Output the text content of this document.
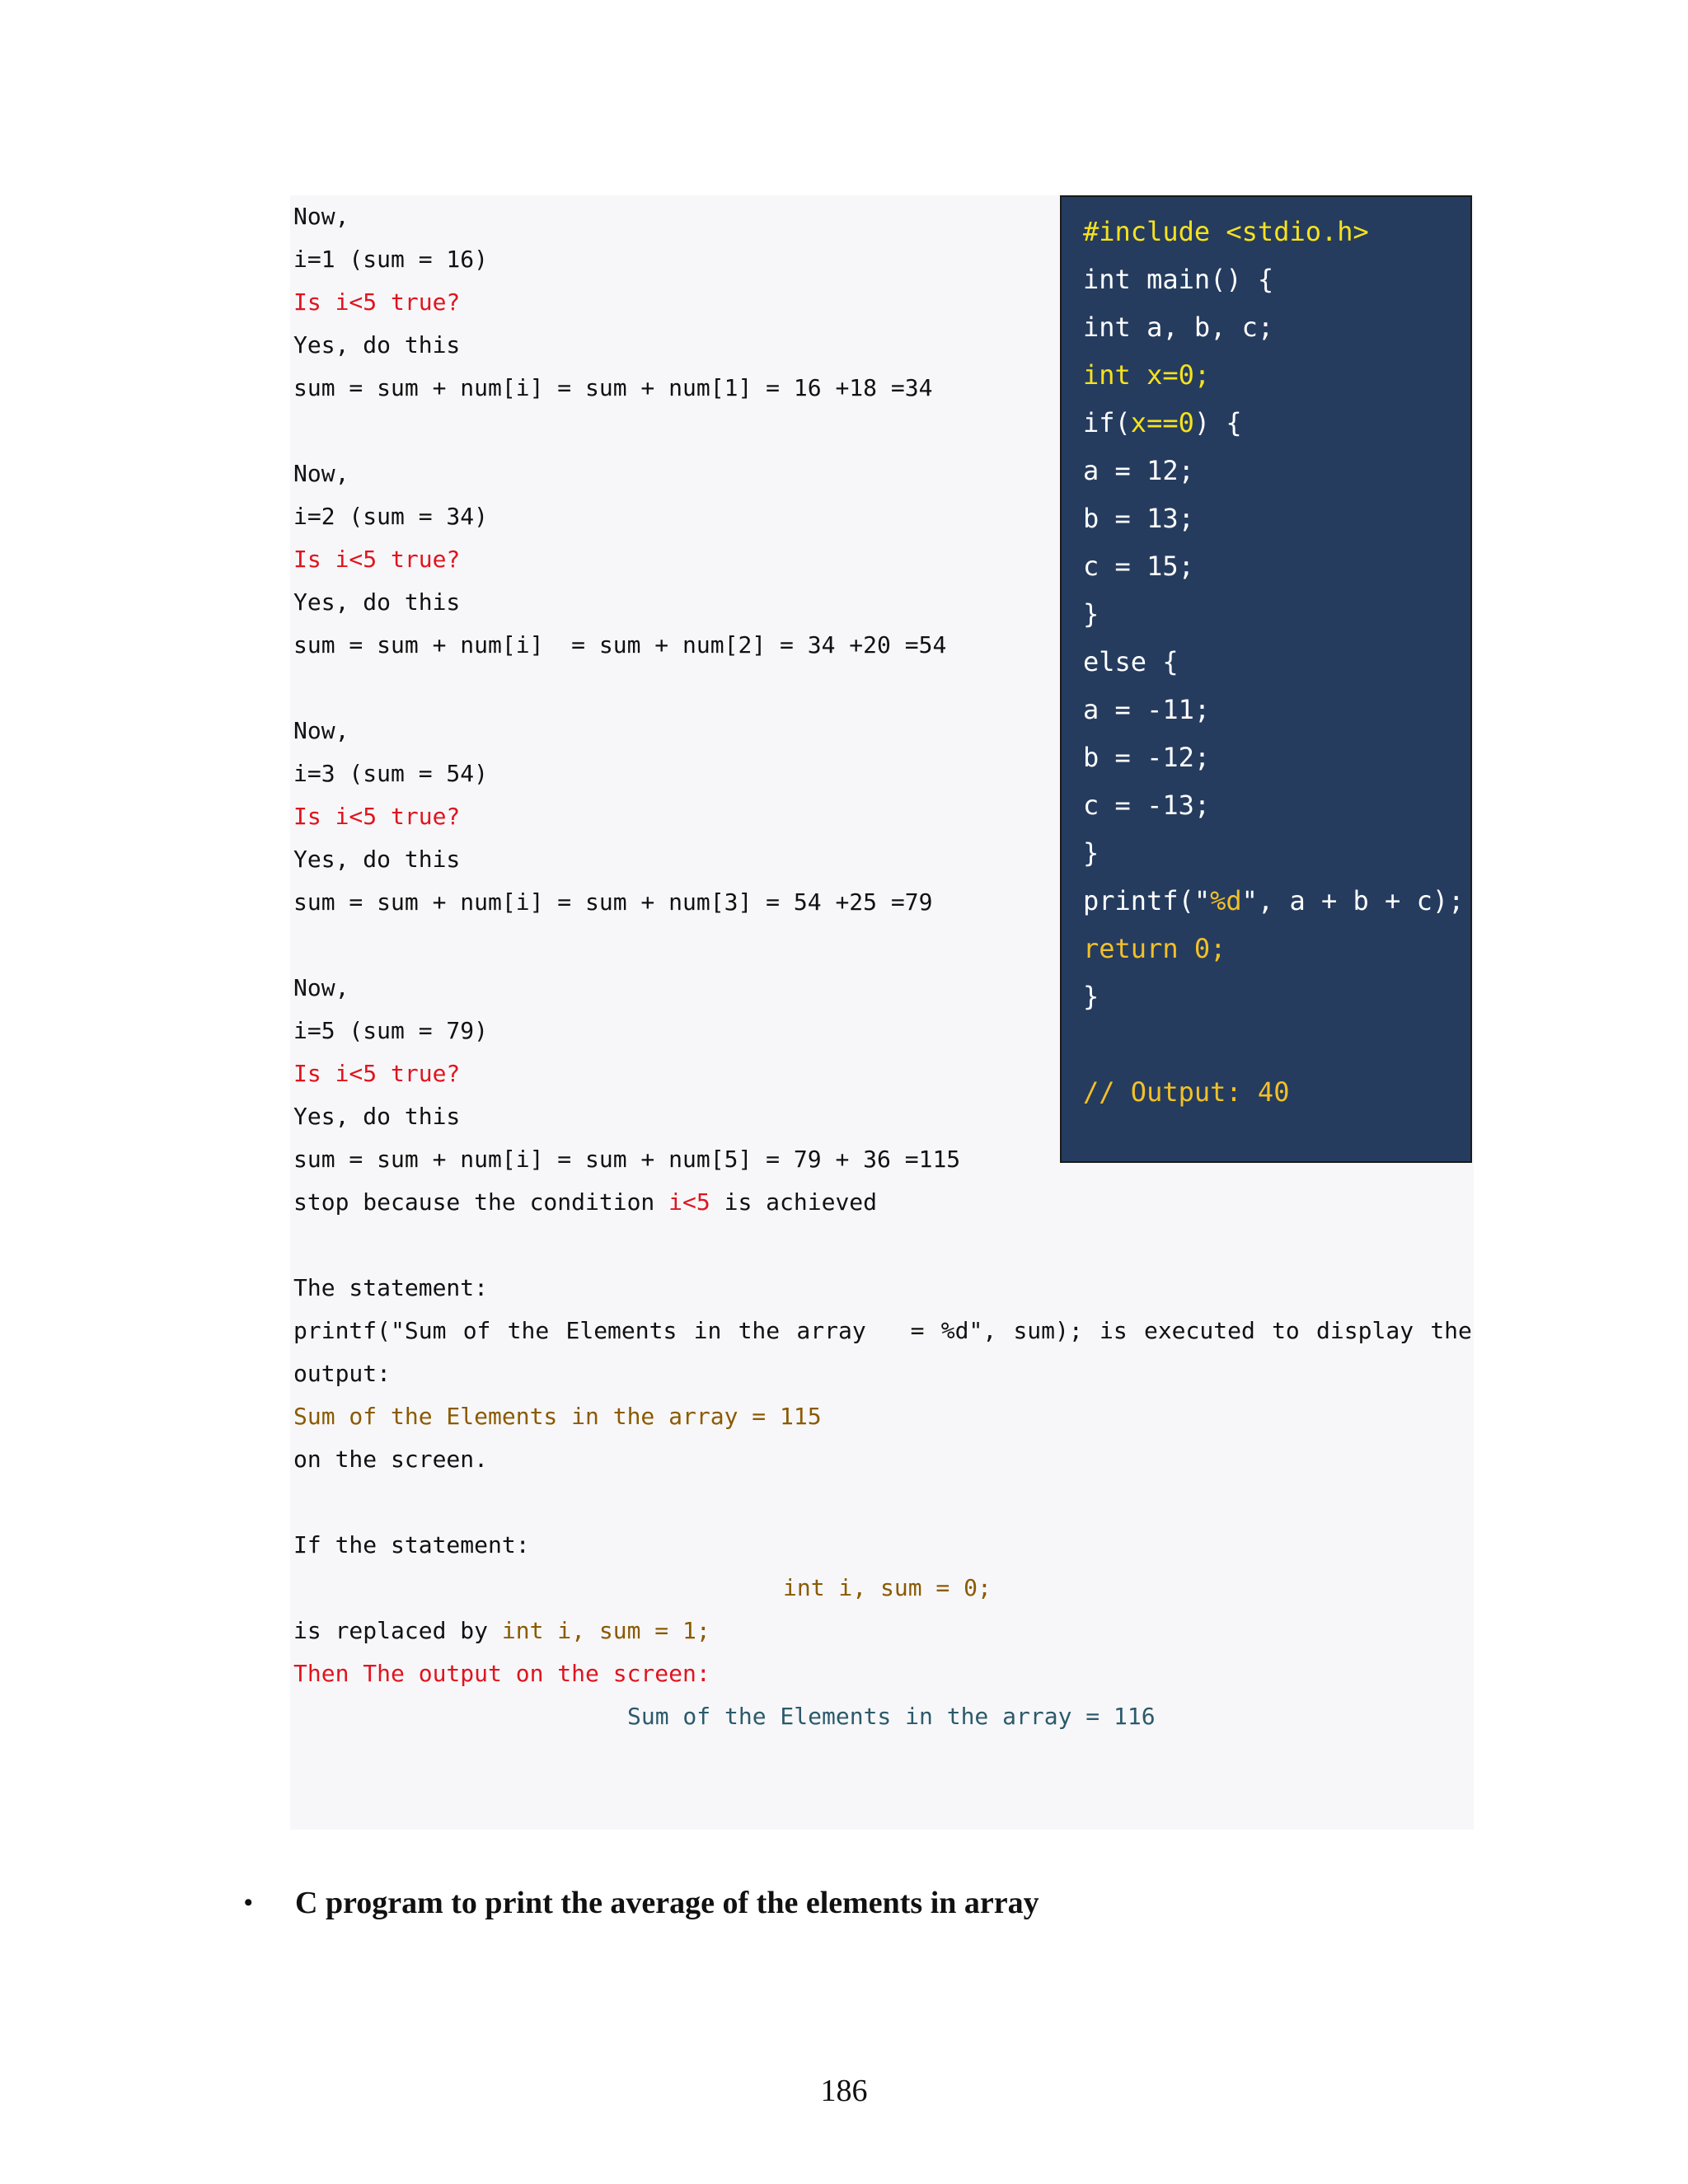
Now,
i=1 (sum = 16)
Is i<5 true?
Yes, do this
sum = sum + num[i] = sum + num[1] = 16 +18 =34
Now,
i=2 (sum = 34)
Is i<5 true?
Yes, do this
sum = sum + num[i]  = sum + num[2] = 34 +20 =54
Now,
i=3 (sum = 54)
Is i<5 true?
Yes, do this
sum = sum + num[i] = sum + num[3] = 54 +25 =79
Now,
i=5 (sum = 79)
Is i<5 true?
Yes, do this
sum = sum + num[i] = sum + num[5] = 79 + 36 =115
stop because the condition i<5 is achieved
The statement:
printf("Sum of the Elements in the array = %d", sum); is executed to display the
output:
Sum of the Elements in the array = 115
on the screen.
If the statement:
int i, sum = 0;
is replaced by int i, sum = 1;
Then The output on the screen:
Sum of the Elements in the array = 116
#include <stdio.h>
int main() {
int a, b, c;
int x=0;
if(x==0) {
a = 12;
b = 13;
c = 15;
}
else {
a = -11;
b = -12;
c = -13;
}
printf("%d", a + b + c);
return 0;
}
// Output: 40
•	C program to print the average of the elements in array
186
